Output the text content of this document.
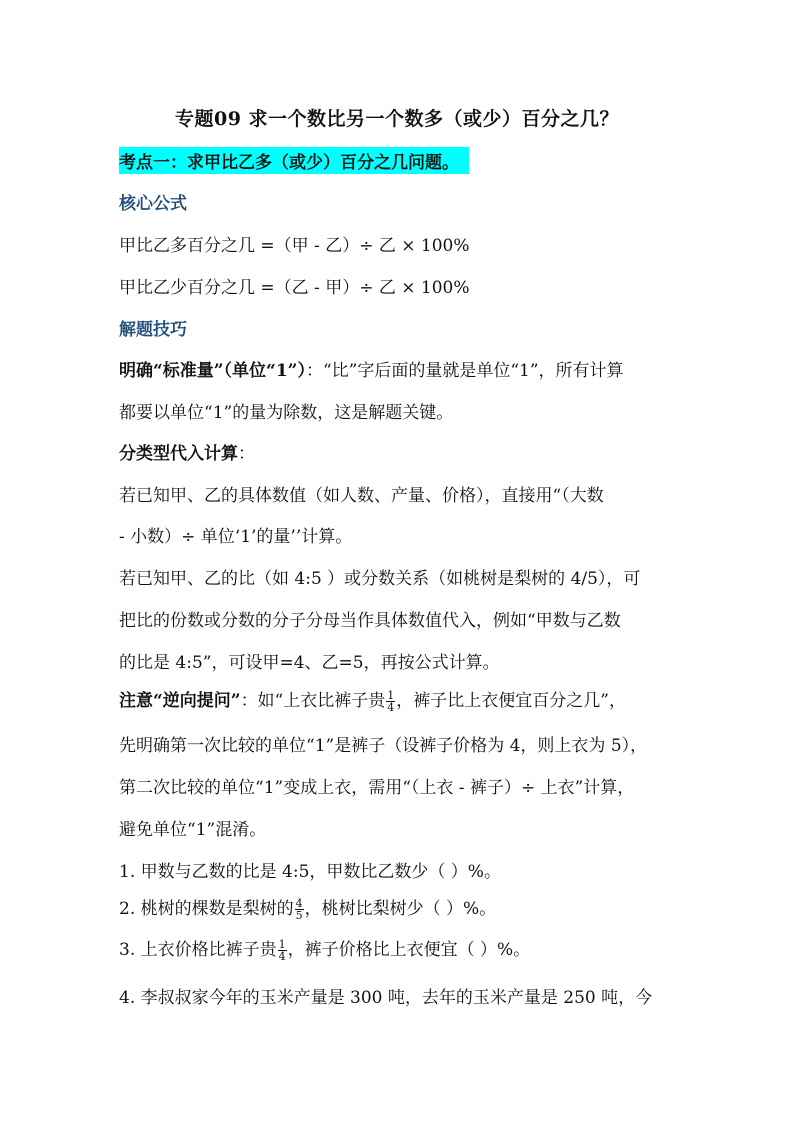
专题09 求一个数比另一个数多（或少）百分之几？
考点一：求甲比乙多（或少）百分之几问题。
核心公式
甲比乙多百分之几 =（甲 - 乙）÷ 乙 × 100%
甲比乙少百分之几 =（乙 - 甲）÷ 乙 × 100%
解题技巧
明确“标准量”（单位“1”）：“比”字后面的量就是单位“1”，所有计算
都要以单位“1”的量为除数，这是解题关键。
分类型代入计算：
若已知甲、乙的具体数值（如人数、产量、价格），直接用“（大数
- 小数）÷ 单位‘1’的量’’计算。
若已知甲、乙的比（如 4:5 ）或分数关系（如桃树是梨树的 4/5），可
把比的份数或分数的分子分母当作具体数值代入，例如“甲数与乙数
的比是 4:5”，可设甲=4、乙=5，再按公式计算。
注意“逆向提问”：如“上衣比裤子贵 $\frac{1}{4}$ ，裤子比上衣便宜百分之几”，
先明确第一次比较的单位“1”是裤子（设裤子价格为 4，则上衣为 5），
第二次比较的单位“1”变成上衣，需用“（上衣 - 裤子）÷ 上衣”计算，
避免单位“1”混淆。
1. 甲数与乙数的比是 4:5，甲数比乙数少（ ）%。
2. 桃树的棵数是梨树的 $\frac{4}{5}$ ，桃树比梨树少（ ）%。
3. 上衣价格比裤子贵 $\frac{1}{4}$ ，裤子价格比上衣便宜（ ）%。
4. 李叔叔家今年的玉米产量是 300 吨，去年的玉米产量是 250 吨，今
